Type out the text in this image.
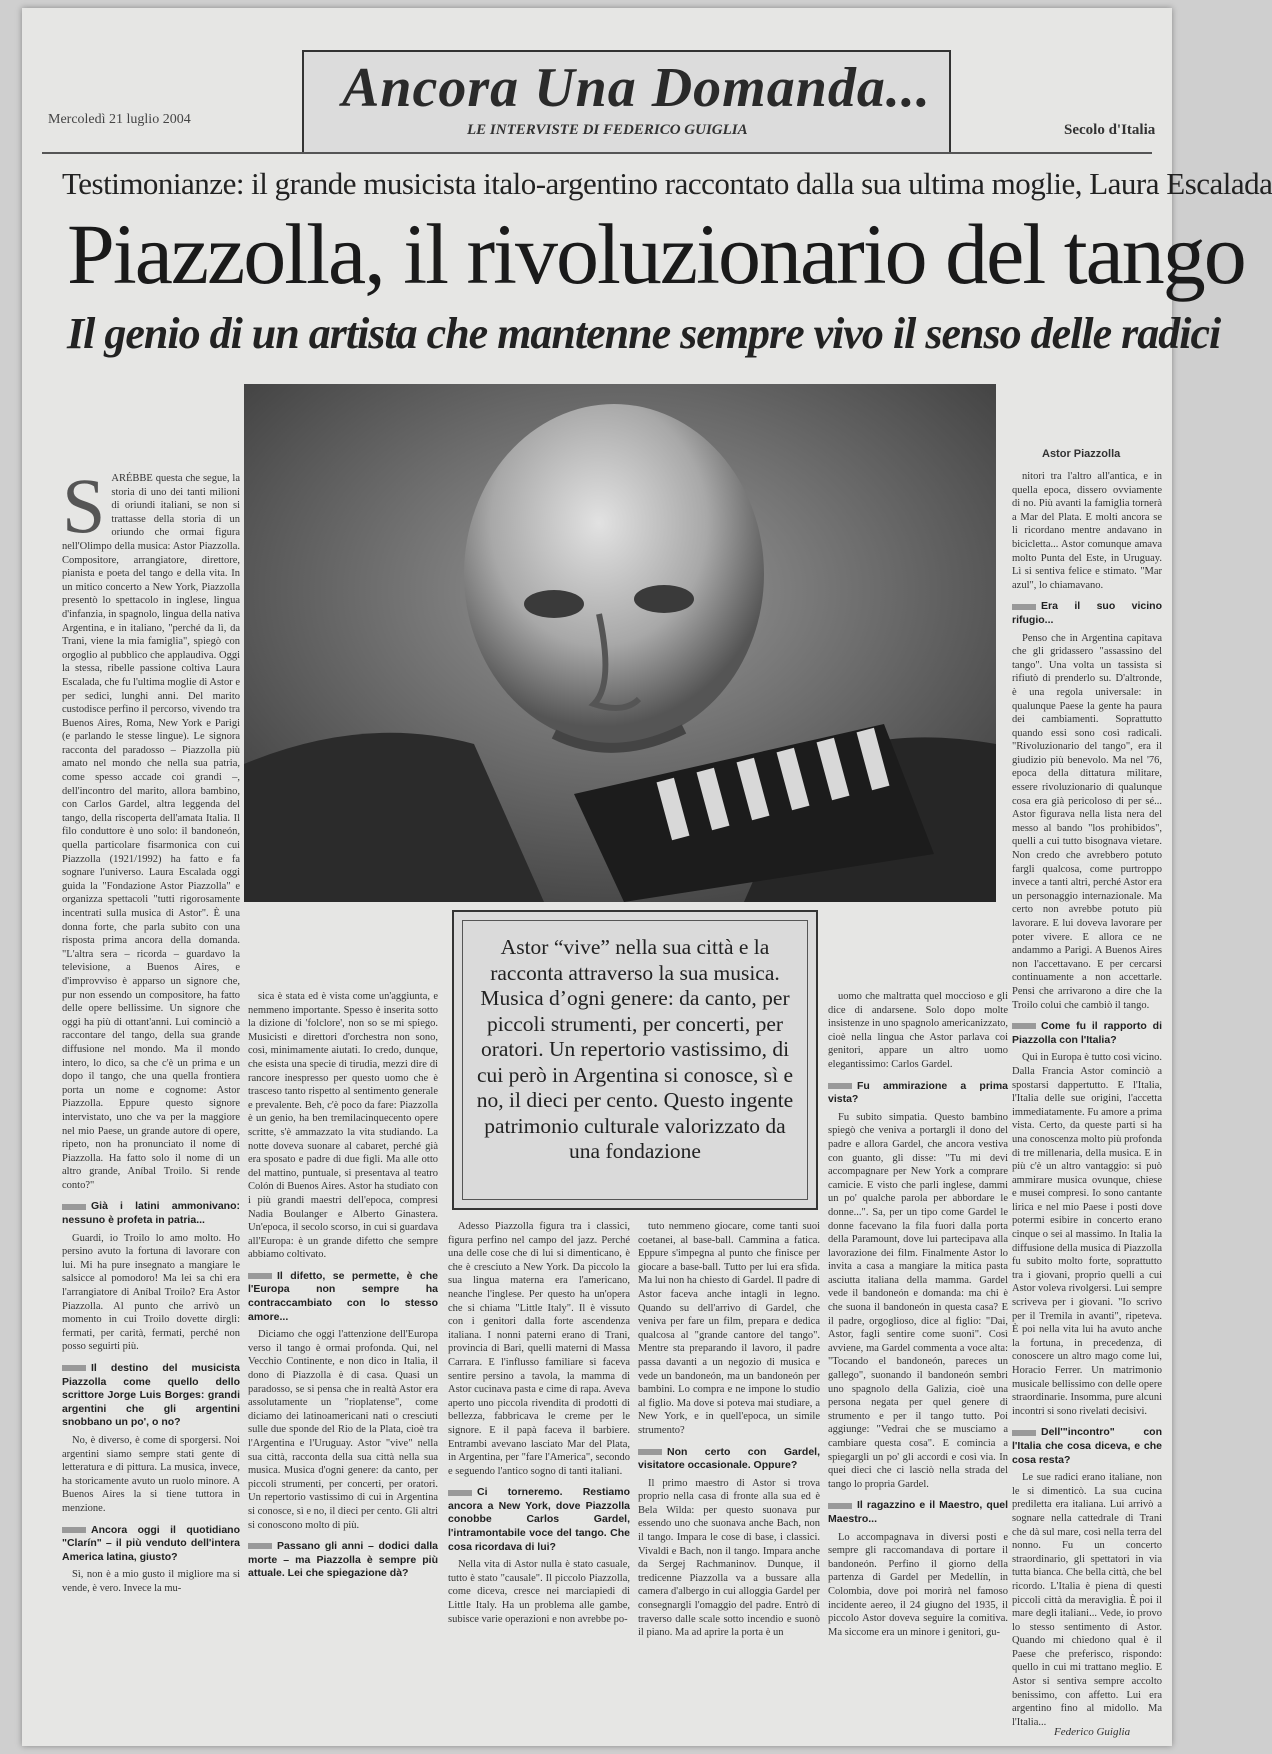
Ancora Una Domanda...
LE INTERVISTE DI FEDERICO GUIGLIA
Mercoledì 21 luglio 2004
Secolo d'Italia
Testimonianze: il grande musicista italo-argentino raccontato dalla sua ultima moglie, Laura Escalada
Piazzolla, il rivoluzionario del tango
Il genio di un artista che mantenne sempre vivo il senso delle radici
Astor Piazzolla

SARÉBBE questa che segue, la storia di uno dei tanti milioni di oriundi italiani, se non si trattasse della storia di un oriundo che ormai figura nell'Olimpo della musica: Astor Piazzolla. Compositore, arrangiatore, direttore, pianista e poeta del tango e della vita. In un mitico concerto a New York, Piazzolla presentò lo spettacolo in inglese, lingua d'infanzia, in spagnolo, lingua della nativa Argentina, e in italiano, "perché da lì, da Trani, viene la mia famiglia", spiegò con orgoglio al pubblico che applaudiva. Oggi la stessa, ribelle passione coltiva Laura Escalada, che fu l'ultima moglie di Astor e per sedici, lunghi anni. Del marito custodisce perfino il percorso, vivendo tra Buenos Aires, Roma, New York e Parigi (e parlando le stesse lingue). Le signora racconta del paradosso – Piazzolla più amato nel mondo che nella sua patria, come spesso accade coi grandi –, dell'incontro del marito, allora bambino, con Carlos Gardel, altra leggenda del tango, della riscoperta dell'amata Italia. Il filo conduttore è uno solo: il bandoneón, quella particolare fisarmonica con cui Piazzolla (1921/1992) ha fatto e fa sognare l'universo. Laura Escalada oggi guida la "Fondazione Astor Piazzolla" e organizza spettacoli "tutti rigorosamente incentrati sulla musica di Astor". È una donna forte, che parla subito con una risposta prima ancora della domanda. "L'altra sera – ricorda – guardavo la televisione, a Buenos Aires, e d'improvviso è apparso un signore che, pur non essendo un compositore, ha fatto delle opere bellissime. Un signore che oggi ha più di ottant'anni. Lui cominciò a raccontare del tango, della sua grande diffusione nel mondo. Ma il mondo intero, lo dico, sa che c'è un prima e un dopo il tango, che una quella frontiera porta un nome e cognome: Astor Piazzolla. Eppure questo signore intervistato, uno che va per la maggiore nel mio Paese, un grande autore di opere, ripeto, non ha pronunciato il nome di Piazzolla. Ha fatto solo il nome di un altro grande, Aníbal Troilo. Si rende conto?"

Già i latini ammonivano: nessuno è profeta in patria...

Guardi, io Troilo lo amo molto. Ho persino avuto la fortuna di lavorare con lui. Mi ha pure insegnato a mangiare le salsicce al pomodoro! Ma lei sa chi era l'arrangiatore di Aníbal Troilo? Era Astor Piazzolla. Al punto che arrivò un momento in cui Troilo dovette dirgli: fermati, per carità, fermati, perché non posso seguirti più.

Il destino del musicista Piazzolla come quello dello scrittore Jorge Luis Borges: grandi argentini che gli argentini snobbano un po', o no?

No, è diverso, è come di sporgersi. Noi argentini siamo sempre stati gente di letteratura e di pittura. La musica, invece, ha storicamente avuto un ruolo minore. A Buenos Aires la si tiene tuttora in menzione.

Ancora oggi il quotidiano "Clarín" – il più venduto dell'intera America latina, giusto?

Sì, non è a mio gusto il migliore ma si vende, è vero. Invece la mu-

Astor “vive” nella sua città e la racconta attraverso la sua musica. Musica d’ogni genere: da canto, per piccoli strumenti, per concerti, per oratori. Un repertorio vastissimo, di cui però in Argentina si conosce, sì e no, il dieci per cento. Questo ingente patrimonio culturale valorizzato da una fondazione

sica è stata ed è vista come un'aggiunta, e nemmeno importante. Spesso è inserita sotto la dizione di 'folclore', non so se mi spiego. Musicisti e direttori d'orchestra non sono, così, minimamente aiutati. Io credo, dunque, che esista una specie di tirudia, mezzi dire di rancore inespresso per questo uomo che è trasceso tanto rispetto al sentimento generale e prevalente. Beh, c'è poco da fare: Piazzolla è un genio, ha ben tremilacinquecento opere scritte, s'è ammazzato la vita studiando. La notte doveva suonare al cabaret, perché già era sposato e padre di due figli. Ma alle otto del mattino, puntuale, si presentava al teatro Colón di Buenos Aires. Astor ha studiato con i più grandi maestri dell'epoca, compresi Nadia Boulanger e Alberto Ginastera. Un'epoca, il secolo scorso, in cui si guardava all'Europa: è un grande difetto che sempre abbiamo coltivato.

Il difetto, se permette, è che l'Europa non sempre ha contraccambiato con lo stesso amore...

Diciamo che oggi l'attenzione dell'Europa verso il tango è ormai profonda. Qui, nel Vecchio Continente, e non dico in Italia, il dono di Piazzolla è di casa. Quasi un paradosso, se si pensa che in realtà Astor era assolutamente un "rioplatense", come diciamo dei latinoamericani nati o cresciuti sulle due sponde del Rio de la Plata, cioè tra l'Argentina e l'Uruguay. Astor "vive" nella sua città, racconta della sua città nella sua musica. Musica d'ogni genere: da canto, per piccoli strumenti, per concerti, per oratori. Un repertorio vastissimo di cui in Argentina si conosce, sì e no, il dieci per cento. Gli altri si conoscono molto di più.

Passano gli anni – dodici dalla morte – ma Piazzolla è sempre più attuale. Lei che spiegazione dà?

Adesso Piazzolla figura tra i classici, figura perfino nel campo del jazz. Perché una delle cose che di lui si dimenticano, è che è cresciuto a New York. Da piccolo la sua lingua materna era l'americano, neanche l'inglese. Per questo ha un'opera che si chiama "Little Italy". Il è vissuto con i genitori dalla forte ascendenza italiana. I nonni paterni erano di Trani, provincia di Bari, quelli materni di Massa Carrara. E l'influsso familiare si faceva sentire persino a tavola, la mamma di Astor cucinava pasta e cime di rapa. Aveva aperto uno piccola rivendita di prodotti di bellezza, fabbricava le creme per le signore. E il papà faceva il barbiere. Entrambi avevano lasciato Mar del Plata, in Argentina, per "fare l'America", secondo e seguendo l'antico sogno di tanti italiani.

Ci torneremo. Restiamo ancora a New York, dove Piazzolla conobbe Carlos Gardel, l'intramontabile voce del tango. Che cosa ricordava di lui?

Nella vita di Astor nulla è stato casuale, tutto è stato "causale". Il piccolo Piazzolla, come diceva, cresce nei marciapiedi di Little Italy. Ha un problema alle gambe, subisce varie operazioni e non avrebbe po-

tuto nemmeno giocare, come tanti suoi coetanei, al base-ball. Cammina a fatica. Eppure s'impegna al punto che finisce per giocare a base-ball. Tutto per lui era sfida. Ma lui non ha chiesto di Gardel. Il padre di Astor faceva anche intagli in legno. Quando su dell'arrivo di Gardel, che veniva per fare un film, prepara e dedica qualcosa al "grande cantore del tango". Mentre sta preparando il lavoro, il padre passa davanti a un negozio di musica e vede un bandoneón, ma un bandoneón per bambini. Lo compra e ne impone lo studio al figlio. Ma dove si poteva mai studiare, a New York, e in quell'epoca, un simile strumento?

Non certo con Gardel, visitatore occasionale. Oppure?

Il primo maestro di Astor si trova proprio nella casa di fronte alla sua ed è Bela Wilda: per questo suonava pur essendo uno che suonava anche Bach, non il tango. Impara le cose di base, i classici. Vivaldi e Bach, non il tango. Impara anche da Sergej Rachmaninov. Dunque, il tredicenne Piazzolla va a bussare alla camera d'albergo in cui alloggia Gardel per consegnargli l'omaggio del padre. Entrò di traverso dalle scale sotto incendio e suonò il piano. Ma ad aprire la porta è un

uomo che maltratta quel moccioso e gli dice di andarsene. Solo dopo molte insistenze in uno spagnolo americanizzato, cioè nella lingua che Astor parlava coi genitori, appare un altro uomo elegantissimo: Carlos Gardel.

Fu ammirazione a prima vista?

Fu subito simpatia. Questo bambino spiegò che veniva a portargli il dono del padre e allora Gardel, che ancora vestiva con guanto, gli disse: "Tu mi devi accompagnare per New York a comprare camicie. E visto che parli inglese, dammi un po' qualche parola per abbordare le donne...". Sa, per un tipo come Gardel le donne facevano la fila fuori dalla porta della Paramount, dove lui partecipava alla lavorazione dei film. Finalmente Astor lo invita a casa a mangiare la mitica pasta asciutta italiana della mamma. Gardel vede il bandoneón e domanda: ma chi è che suona il bandoneón in questa casa? E il padre, orgoglioso, dice al figlio: "Dai, Astor, fagli sentire come suoni". Così avviene, ma Gardel commenta a voce alta: "Tocando el bandoneón, pareces un gallego", suonando il bandoneón sembri uno spagnolo della Galizia, cioè una persona negata per quel genere di strumento e per il tango tutto. Poi aggiunge: "Vedrai che se musciamo a cambiare questa cosa". E comincia a spiegargli un po' gli accordi e così via. In quei dieci che ci lasciò nella strada del tango lo propria Gardel.

Il ragazzino e il Maestro, quel Maestro...

Lo accompagnava in diversi posti e sempre gli raccomandava di portare il bandoneón. Perfino il giorno della partenza di Gardel per Medellín, in Colombia, dove poi morirà nel famoso incidente aereo, il 24 giugno del 1935, il piccolo Astor doveva seguire la comitiva. Ma siccome era un minore i genitori, gu-

nitori tra l'altro all'antica, e in quella epoca, dissero ovviamente di no. Più avanti la famiglia tornerà a Mar del Plata. E molti ancora se li ricordano mentre andavano in bicicletta... Astor comunque amava molto Punta del Este, in Uruguay. Lì si sentiva felice e stimato. "Mar azul", lo chiamavano.

Era il suo vicino rifugio...

Penso che in Argentina capitava che gli gridassero "assassino del tango". Una volta un tassista si rifiutò di prenderlo su. D'altronde, è una regola universale: in qualunque Paese la gente ha paura dei cambiamenti. Soprattutto quando essi sono così radicali. "Rivoluzionario del tango", era il giudizio più benevolo. Ma nel '76, epoca della dittatura militare, essere rivoluzionario di qualunque cosa era già pericoloso di per sé... Astor figurava nella lista nera del messo al bando "los prohibidos", quelli a cui tutto bisognava vietare. Non credo che avrebbero potuto fargli qualcosa, come purtroppo invece a tanti altri, perché Astor era un personaggio internazionale. Ma certo non avrebbe potuto più lavorare. E lui doveva lavorare per poter vivere. E allora ce ne andammo a Parigi. A Buenos Aires non l'accettavano. E per cercarsi continuamente a non accettarle. Pensi che arrivarono a dire che la Troilo colui che cambiò il tango.

Come fu il rapporto di Piazzolla con l'Italia?

Qui in Europa è tutto così vicino. Dalla Francia Astor cominciò a spostarsi dappertutto. E l'Italia, l'Italia delle sue origini, l'accetta immediatamente. Fu amore a prima vista. Certo, da queste parti si ha una conoscenza molto più profonda di tre millenaria, della musica. E in più c'è un altro vantaggio: si può ammirare musica ovunque, chiese e musei compresi. Io sono cantante lirica e nel mio Paese i posti dove potermi esibire in concerto erano cinque o sei al massimo. In Italia la diffusione della musica di Piazzolla fu subito molto forte, soprattutto tra i giovani, proprio quelli a cui Astor voleva rivolgersi. Lui sempre scriveva per i giovani. "Io scrivo per il Tremila in avanti", ripeteva. È poi nella vita lui ha avuto anche la fortuna, in precedenza, di conoscere un altro mago come lui, Horacio Ferrer. Un matrimonio musicale bellissimo con delle opere straordinarie. Insomma, pure alcuni incontri si sono rivelati decisivi.

Dell'"incontro" con l'Italia che cosa diceva, e che cosa resta?

Le sue radici erano italiane, non le si dimenticò. La sua cucina prediletta era italiana. Lui arrivò a sognare nella cattedrale di Trani che dà sul mare, così nella terra del nonno. Fu un concerto straordinario, gli spettatori in via tutta bianca. Che bella città, che bel ricordo. L'Italia è piena di questi piccoli città da meraviglia. È poi il mare degli italiani... Vede, io provo lo stesso sentimento di Astor. Quando mi chiedono qual è il Paese che preferisco, rispondo: quello in cui mi trattano meglio. E Astor si sentiva sempre accolto benissimo, con affetto. Lui era argentino fino al midollo. Ma l'Italia...

Federico Guiglia
